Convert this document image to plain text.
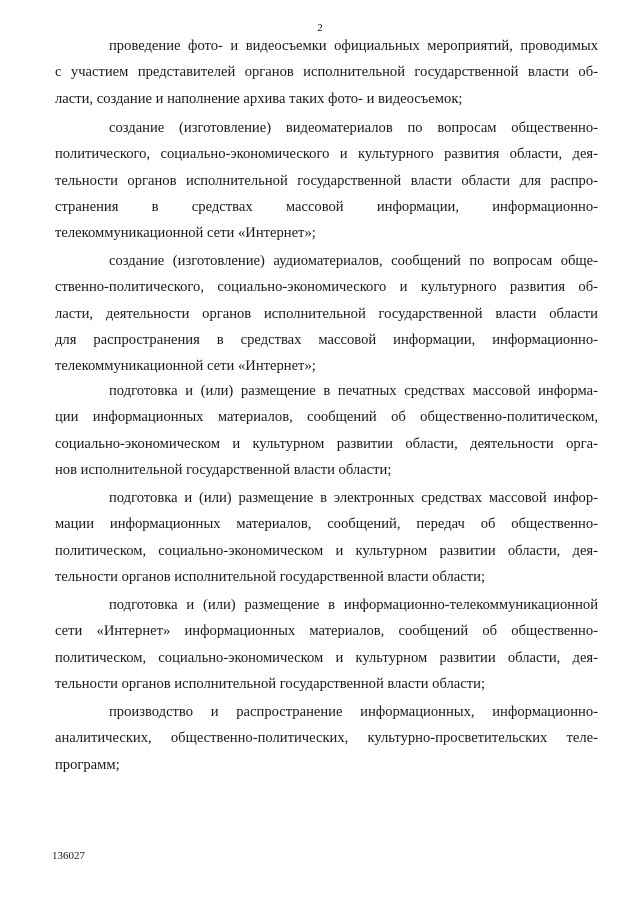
2
проведение фото- и видеосъемки официальных мероприятий, проводимых
с участием представителей органов исполнительной государственной власти об-
ласти, создание и наполнение архива таких фото- и видеосъемок;
создание (изготовление) видеоматериалов по вопросам общественно-
политического, социально-экономического и культурного развития области, дея-
тельности органов исполнительной государственной власти области для распро-
странения в средствах массовой информации, информационно-
телекоммуникационной сети «Интернет»;
создание (изготовление) аудиоматериалов, сообщений по вопросам обще-
ственно-политического, социально-экономического и культурного развития об-
ласти, деятельности органов исполнительной государственной власти области
для распространения в средствах массовой информации, информационно-
телекоммуникационной сети «Интернет»;
подготовка и (или) размещение в печатных средствах массовой информа-
ции информационных материалов, сообщений об общественно-политическом,
социально-экономическом и культурном развитии области, деятельности орга-
нов исполнительной государственной власти области;
подготовка и (или) размещение в электронных средствах массовой инфор-
мации информационных материалов, сообщений, передач об общественно-
политическом, социально-экономическом и культурном развитии области, дея-
тельности органов исполнительной государственной власти области;
подготовка и (или) размещение в информационно-телекоммуникационной
сети «Интернет» информационных материалов, сообщений об общественно-
политическом, социально-экономическом и культурном развитии области, дея-
тельности органов исполнительной государственной власти области;
производство и распространение информационных, информационно-
аналитических, общественно-политических, культурно-просветительских теле-
программ;
136027
